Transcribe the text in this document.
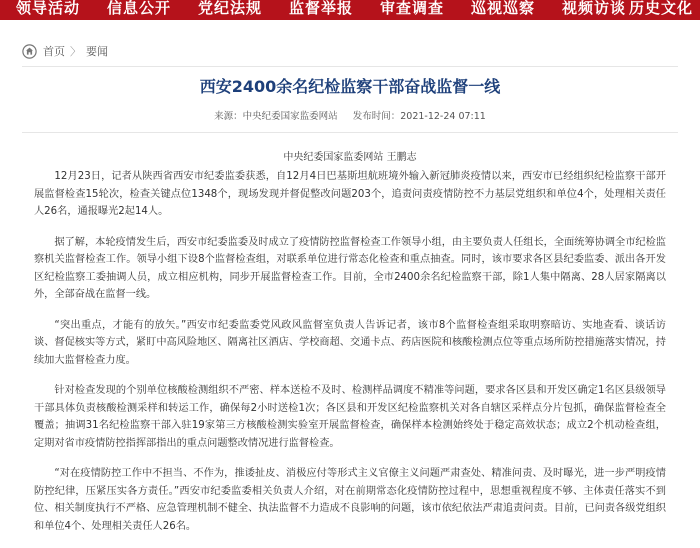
领导活动 信息公开 党纪法规 监督举报 审查调查 巡视巡察 视频访谈 历史文化
首页 〉 要闻
西安2400余名纪检监察干部奋战监督一线
来源：中央纪委国家监委网站 发布时间：2021-12-24 07:11
中央纪委国家监委网站 王鹏志

12月23日，记者从陕西省西安市纪委监委获悉，自12月4日巴基斯坦航班境外输入新冠肺炎疫情以来，西安市已经组织纪检监察干部开展监督检查15轮次，检查关键点位1348个，现场发现并督促整改问题203个，追责问责疫情防控不力基层党组织和单位4个，处理相关责任人26名，通报曝光2起14人。

据了解，本轮疫情发生后，西安市纪委监委及时成立了疫情防控监督检查工作领导小组，由主要负责人任组长，全面统筹协调全市纪检监察机关监督检查工作。领导小组下设8个监督检查组，对联系单位进行常态化检查和重点抽查。同时，该市要求各区县纪委监委、派出各开发区纪检监察工委抽调人员，成立相应机构，同步开展监督检查工作。目前，全市2400余名纪检监察干部，除1人集中隔离、28人居家隔离以外，全部奋战在监督一线。

“突出重点，才能有的放矢。”西安市纪委监委党风政风监督室负责人告诉记者，该市8个监督检查组采取明察暗访、实地查看、谈话访谈、督促核实等方式，紧盯中高风险地区、隔离社区酒店、学校商超、交通卡点、药店医院和核酸检测点位等重点场所防控措施落实情况，持续加大监督检查力度。

针对检查发现的个别单位核酸检测组织不严密、样本送检不及时、检测样品调度不精准等问题，要求各区县和开发区确定1名区县级领导干部具体负责核酸检测采样和转运工作，确保每2小时送检1次；各区县和开发区纪检监察机关对各自辖区采样点分片包抓，确保监督检查全覆盖；抽调31名纪检监察干部入驻19家第三方核酸检测实验室开展监督检查，确保样本检测始终处于稳定高效状态；成立2个机动检查组，定期对省市疫情防控指挥部指出的重点问题整改情况进行监督检查。

“对在疫情防控工作中不担当、不作为，推诿扯皮、消极应付等形式主义官僚主义问题严肃查处、精准问责、及时曝光，进一步严明疫情防控纪律，压紧压实各方责任。”西安市纪委监委相关负责人介绍，对在前期常态化疫情防控过程中，思想重视程度不够、主体责任落实不到位、相关制度执行不严格、应急管理机制不健全、执法监督不力造成不良影响的问题，该市依纪依法严肃追责问责。目前，已问责各级党组织和单位4个、处理相关责任人26名。
